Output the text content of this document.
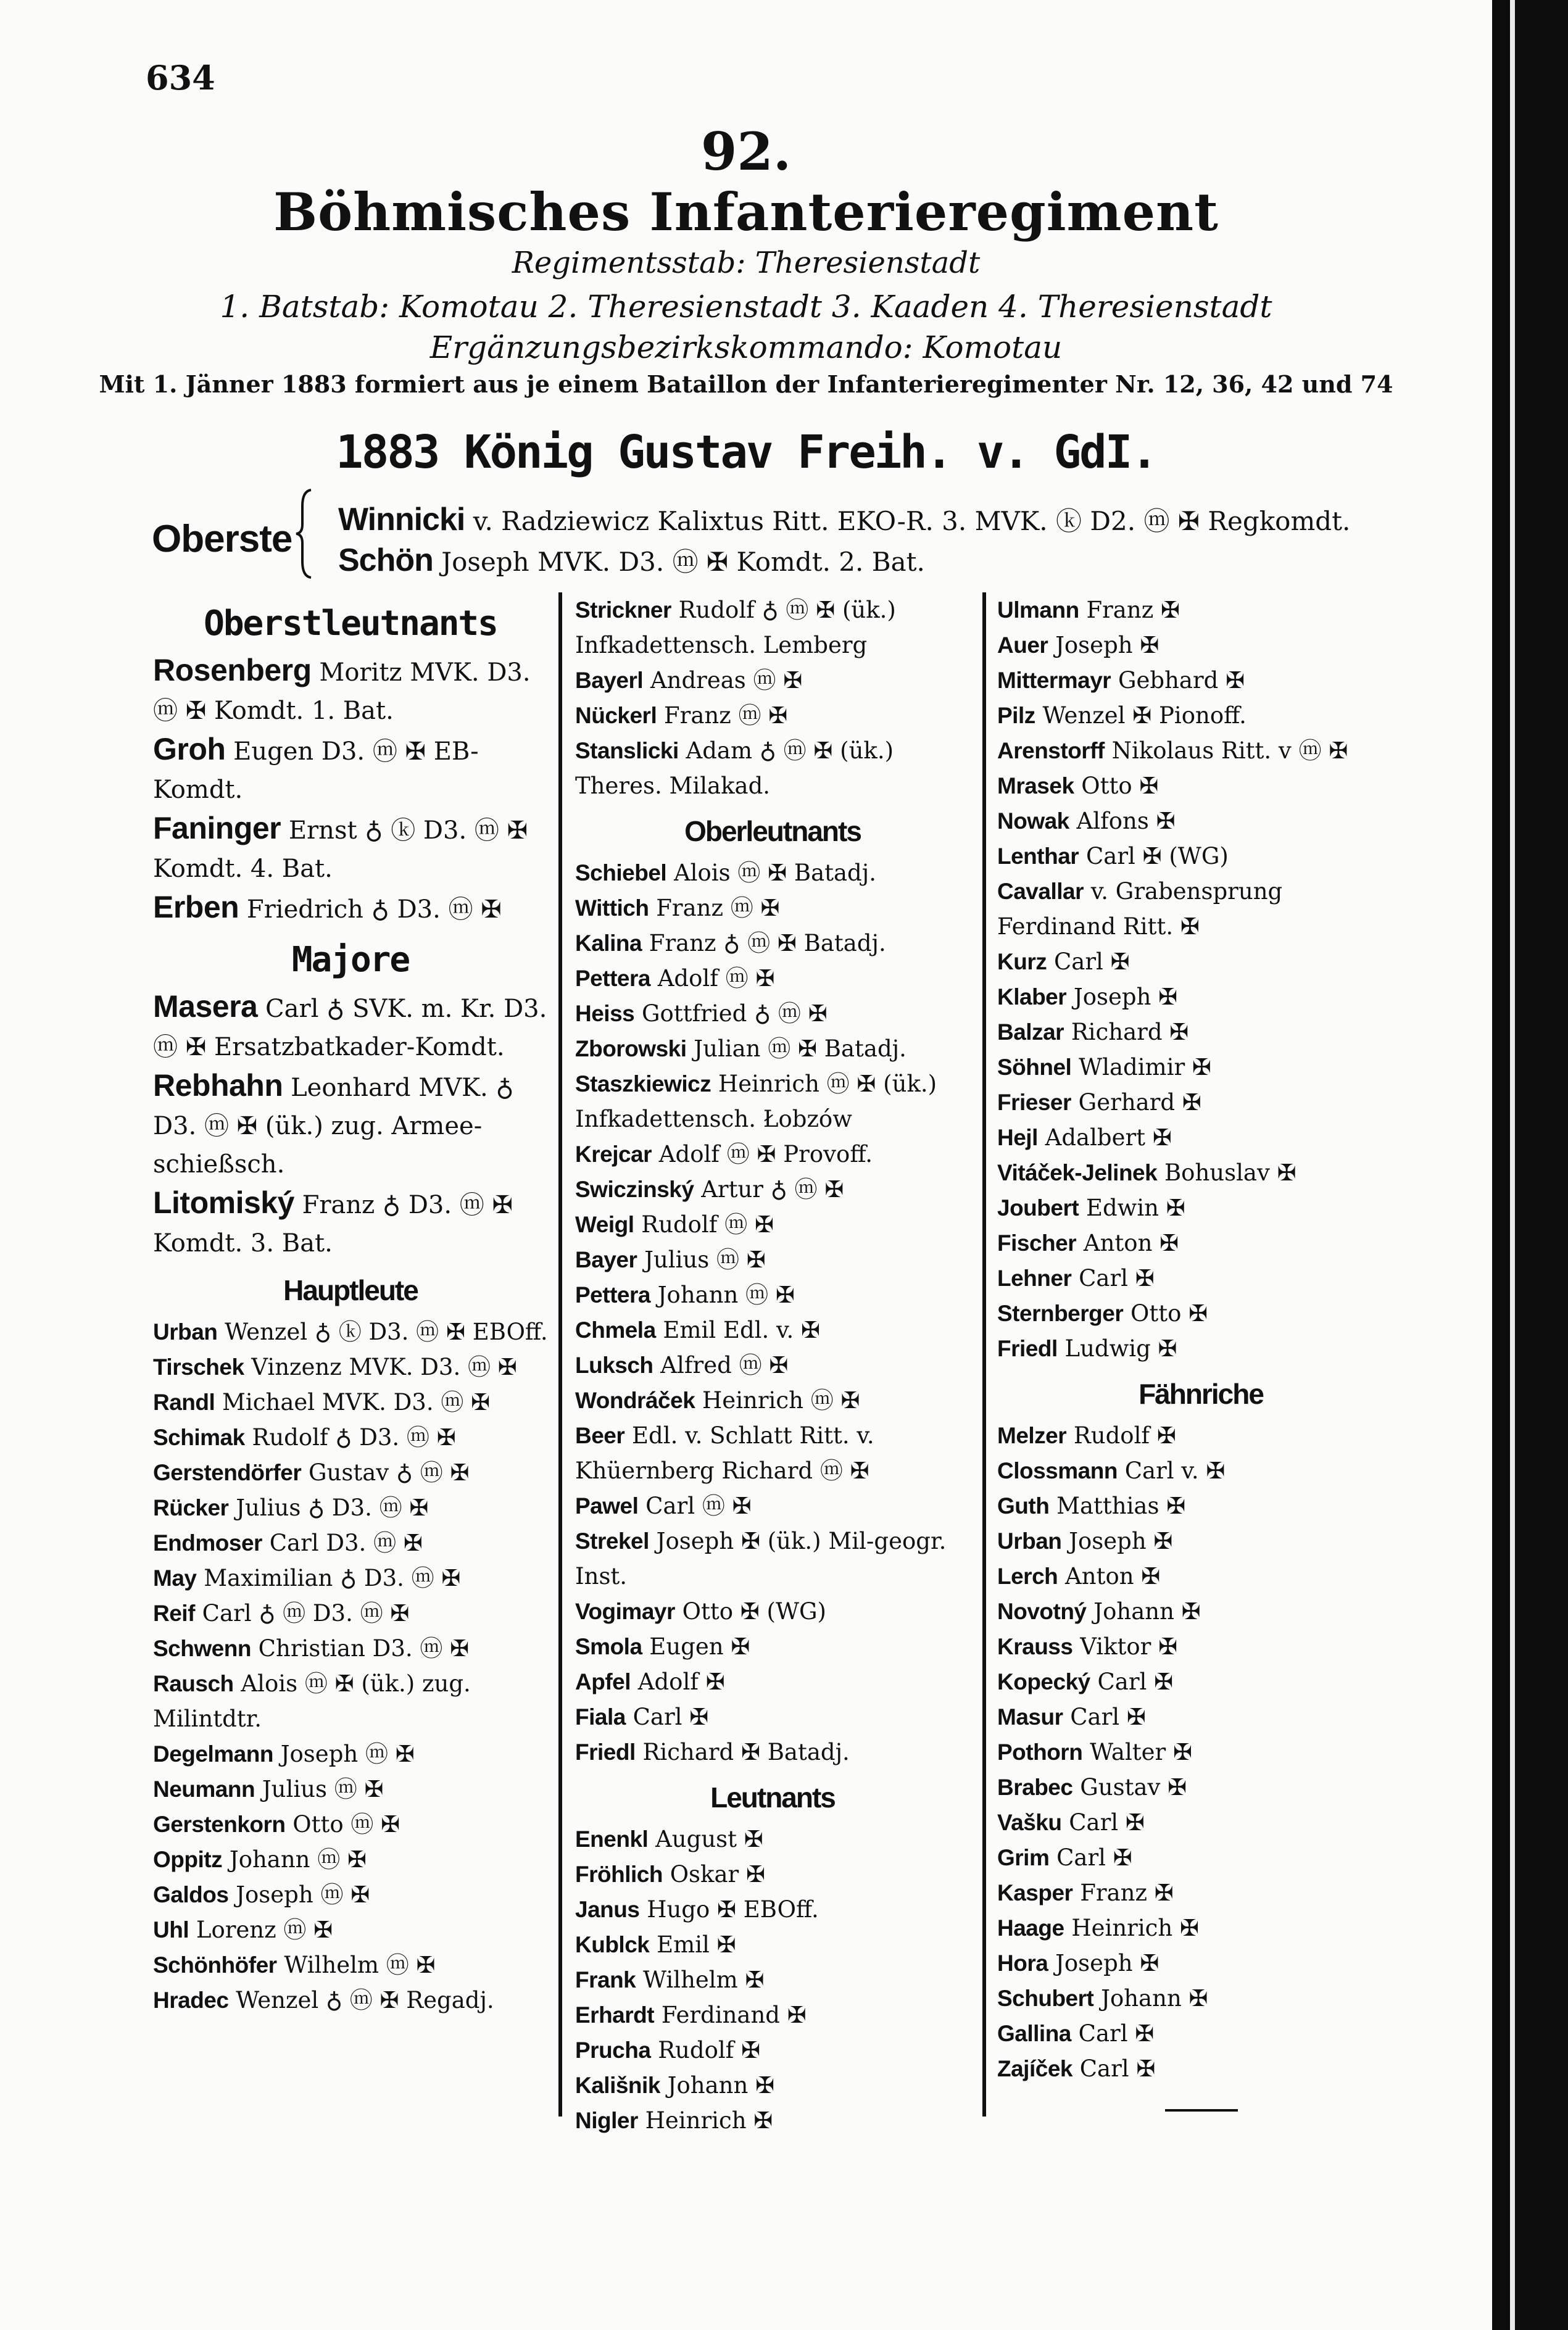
634
92.
Böhmisches Infanterieregiment
Regimentsstab: Theresienstadt
1. Batstab: Komotau 2. Theresienstadt 3. Kaaden 4. Theresienstadt
Ergänzungsbezirkskommando: Komotau
Mit 1. Jänner 1883 formiert aus je einem Bataillon der Infanterieregimenter Nr. 12, 36, 42 und 74
1883 König Gustav Freih. v. GdI.
Oberste Winnicki v. Radziewicz Kalixtus Ritt. EKO-R. 3. MVK. ⓚ D2. ⓜ ✠ Regkomdt.
Schön Joseph MVK. D3. ⓜ ✠ Komdt. 2. Bat.
Oberstleutnants
Rosenberg Moritz MVK. D3. ⓜ ✠ Komdt. 1. Bat.
Groh Eugen D3. ⓜ ✠ EB-Komdt.
Faninger Ernst ♁ ⓚ D3. ⓜ ✠ Komdt. 4. Bat.
Erben Friedrich ♁ D3. ⓜ ✠
Majore
Masera Carl ♁ SVK. m. Kr. D3. ⓜ ✠ Ersatzbatkader-Komdt.
Rebhahn Leonhard MVK. ♁ D3. ⓜ ✠ (ük.) zug. Armee-schießsch.
Litomiský Franz ♁ D3. ⓜ ✠ Komdt. 3. Bat.
Hauptleute
Urban Wenzel ♁ ⓚ D3. ⓜ ✠ EBOff.
Tirschek Vinzenz MVK. D3. ⓜ ✠
Randl Michael MVK. D3. ⓜ ✠
Schimak Rudolf ♁ D3. ⓜ ✠
Gerstendörfer Gustav ♁ ⓜ ✠
Rücker Julius ♁ D3. ⓜ ✠
Endmoser Carl D3. ⓜ ✠
May Maximilian ♁ D3. ⓜ ✠
Reif Carl ♁ ⓜ D3. ⓜ ✠
Schwenn Christian D3. ⓜ ✠
Rausch Alois ⓜ ✠ (ük.) zug. Milintdtr.
Degelmann Joseph ⓜ ✠
Neumann Julius ⓜ ✠
Gerstenkorn Otto ⓜ ✠
Oppitz Johann ⓜ ✠
Galdos Joseph ⓜ ✠
Uhl Lorenz ⓜ ✠
Schönhöfer Wilhelm ⓜ ✠
Hradec Wenzel ♁ ⓜ ✠ Regadj.
Strickner Rudolf ♁ ⓜ ✠ (ük.) Infkadettensch. Lemberg
Bayerl Andreas ⓜ ✠
Nückerl Franz ⓜ ✠
Stanslicki Adam ♁ ⓜ ✠ (ük.) Theres. Milakad.
Oberleutnants
Schiebel Alois ⓜ ✠ Batadj.
Wittich Franz ⓜ ✠
Kalina Franz ♁ ⓜ ✠ Batadj.
Pettera Adolf ⓜ ✠
Heiss Gottfried ♁ ⓜ ✠
Zborowski Julian ⓜ ✠ Batadj.
Staszkiewicz Heinrich ⓜ ✠ (ük.) Infkadettensch. Łobzów
Krejcar Adolf ⓜ ✠ Provoff.
Swiczinský Artur ♁ ⓜ ✠
Weigl Rudolf ⓜ ✠
Bayer Julius ⓜ ✠
Pettera Johann ⓜ ✠
Chmela Emil Edl. v. ✠
Luksch Alfred ⓜ ✠
Wondráček Heinrich ⓜ ✠
Beer Edl. v. Schlatt Ritt. v. Khüernberg Richard ⓜ ✠
Pawel Carl ⓜ ✠
Strekel Joseph ✠ (ük.) Mil-geogr. Inst.
Vogimayr Otto ✠ (WG)
Smola Eugen ✠
Apfel Adolf ✠
Fiala Carl ✠
Friedl Richard ✠ Batadj.
Leutnants
Enenkl August ✠
Fröhlich Oskar ✠
Janus Hugo ✠ EBOff.
Kublck Emil ✠
Frank Wilhelm ✠
Erhardt Ferdinand ✠
Prucha Rudolf ✠
Kališnik Johann ✠
Nigler Heinrich ✠
Ulmann Franz ✠
Auer Joseph ✠
Mittermayr Gebhard ✠
Pilz Wenzel ✠ Pionoff.
Arenstorff Nikolaus Ritt. v ⓜ ✠
Mrasek Otto ✠
Nowak Alfons ✠
Lenthar Carl ✠ (WG)
Cavallar v. Grabensprung Ferdinand Ritt. ✠
Kurz Carl ✠
Klaber Joseph ✠
Balzar Richard ✠
Söhnel Wladimir ✠
Frieser Gerhard ✠
Hejl Adalbert ✠
Vitáček-Jelinek Bohuslav ✠
Joubert Edwin ✠
Fischer Anton ✠
Lehner Carl ✠
Sternberger Otto ✠
Friedl Ludwig ✠
Fähnriche
Melzer Rudolf ✠
Clossmann Carl v. ✠
Guth Matthias ✠
Urban Joseph ✠
Lerch Anton ✠
Novotný Johann ✠
Krauss Viktor ✠
Kopecký Carl ✠
Masur Carl ✠
Pothorn Walter ✠
Brabec Gustav ✠
Vašku Carl ✠
Grim Carl ✠
Kasper Franz ✠
Haage Heinrich ✠
Hora Joseph ✠
Schubert Johann ✠
Gallina Carl ✠
Zajíček Carl ✠
